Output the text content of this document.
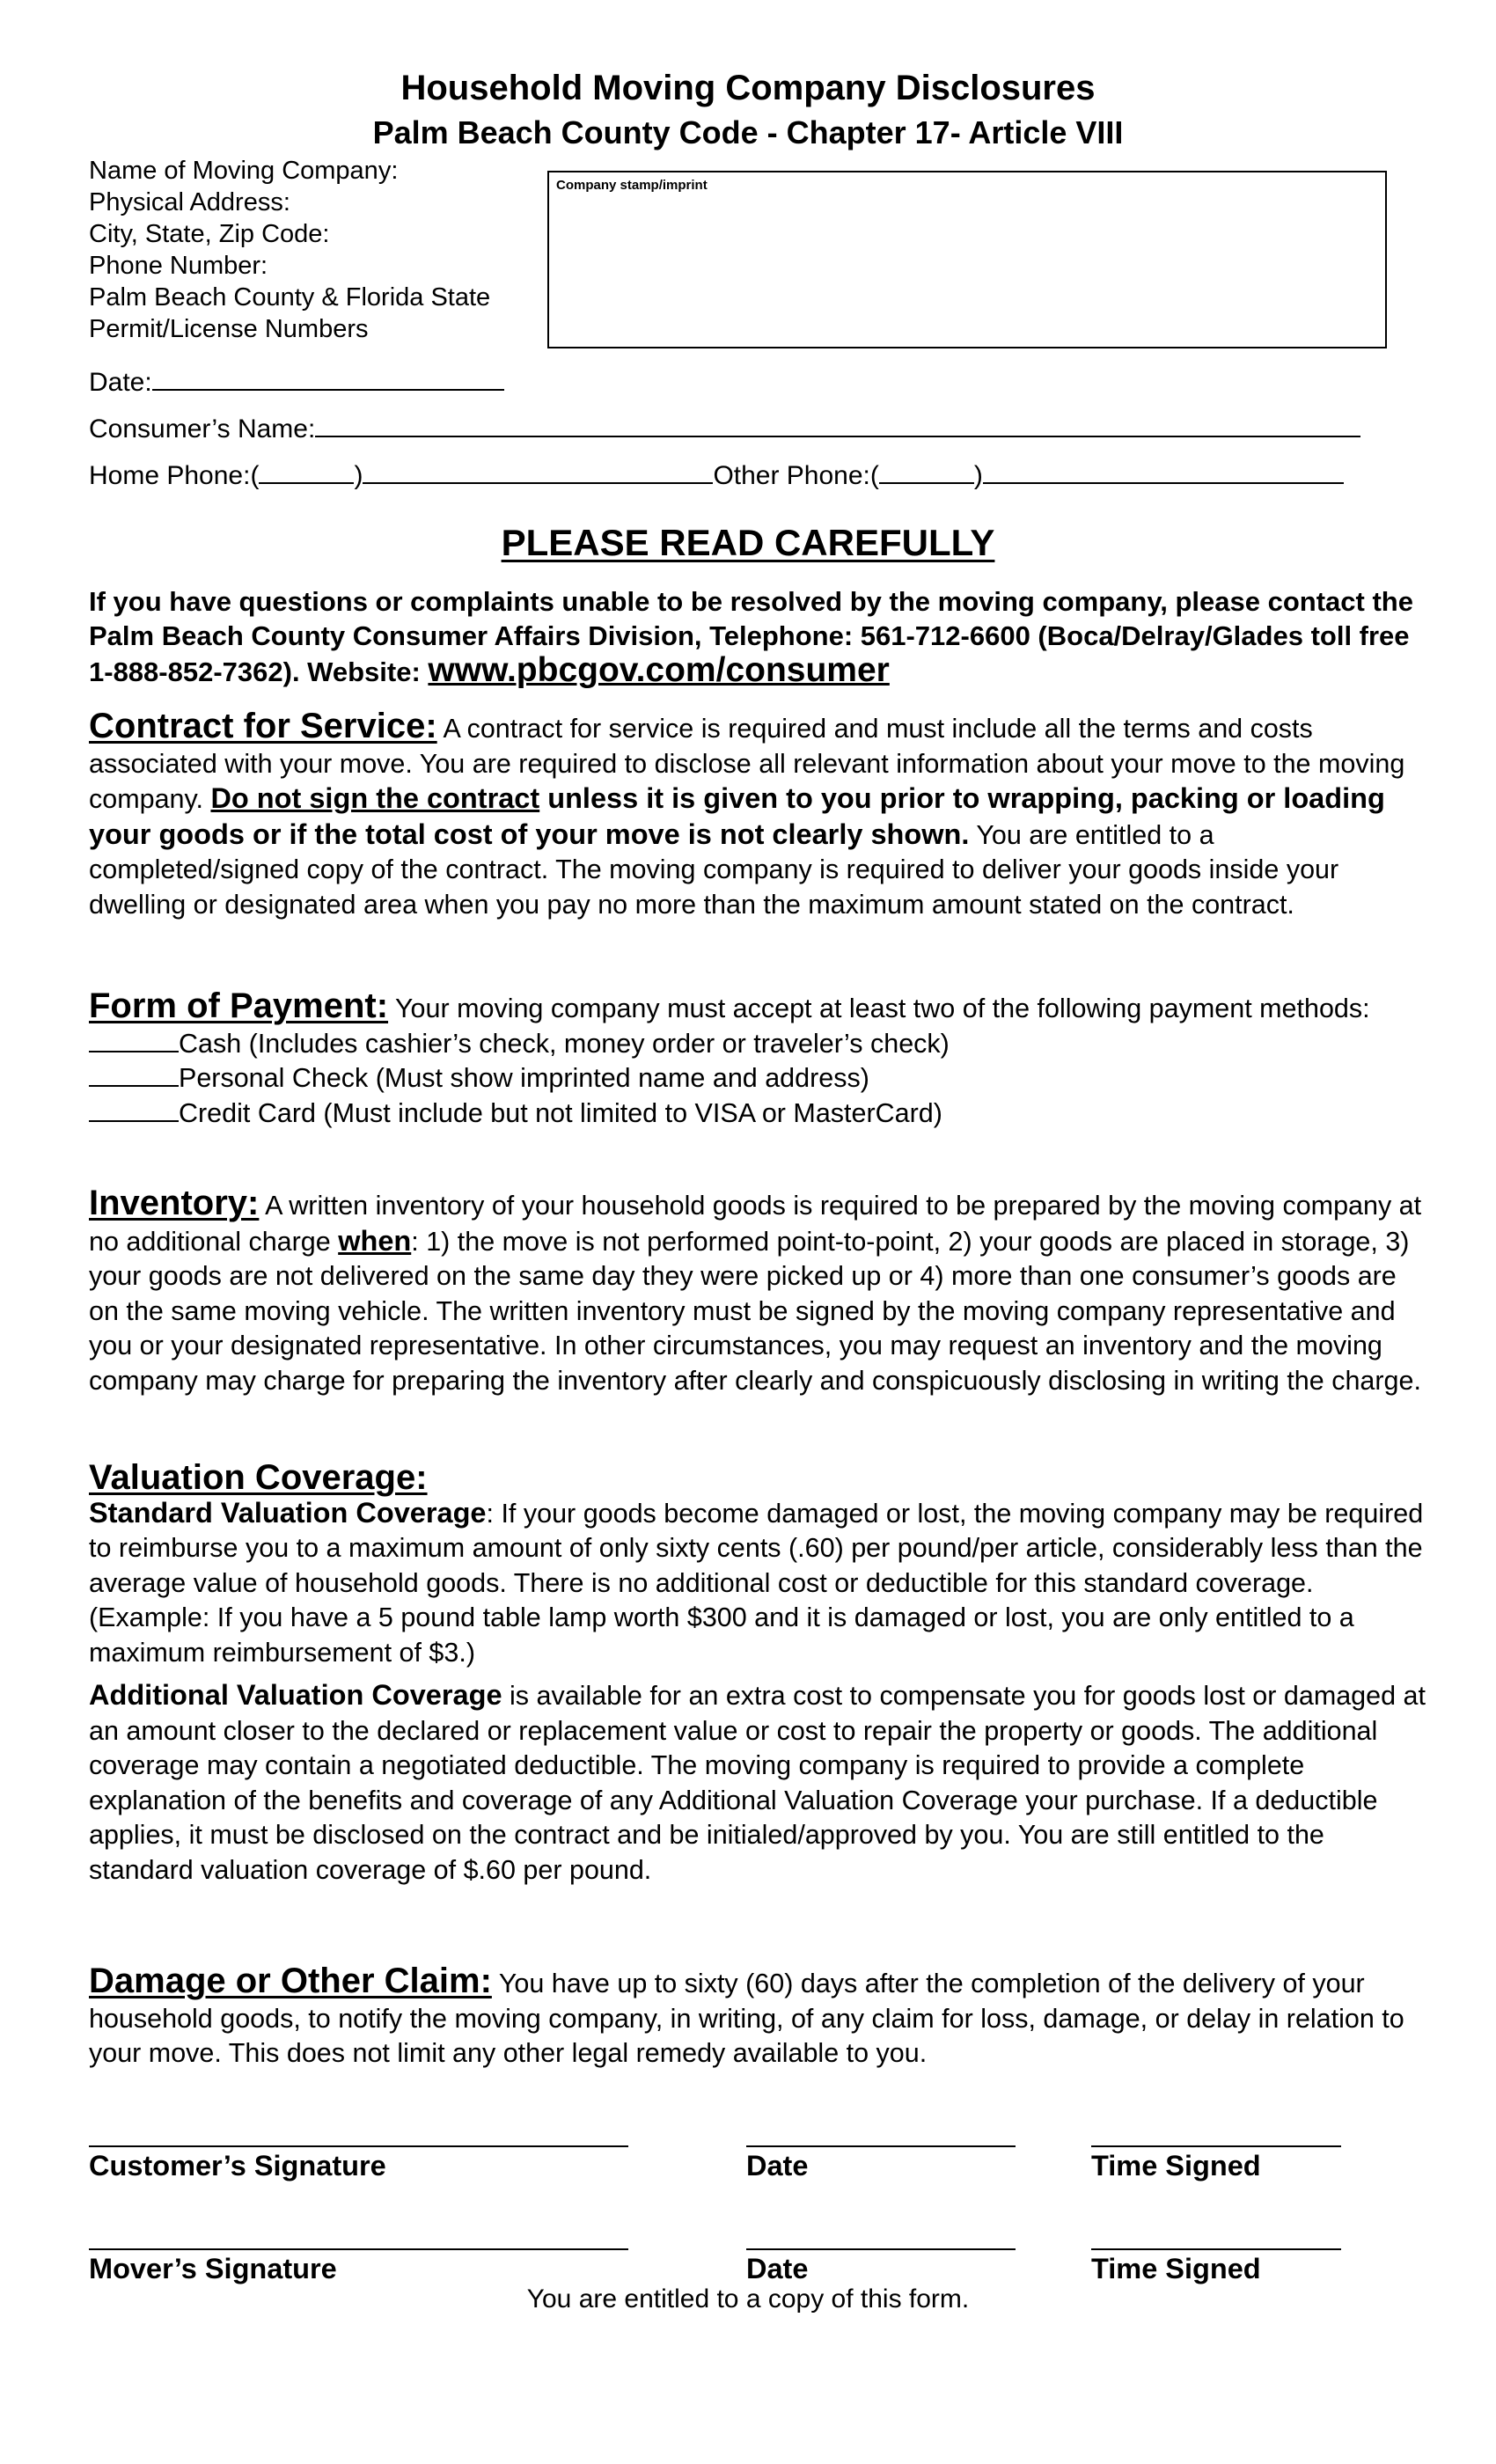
Household Moving Company Disclosures
Palm Beach County Code - Chapter 17- Article VIII
Name of Moving Company:
Physical Address:
City, State, Zip Code:
Phone Number:
Palm Beach County & Florida State
Permit/License Numbers
Company stamp/imprint
Date:
Consumer’s Name:
Home Phone:(	)	Other Phone:(	)
PLEASE READ CAREFULLY
If you have questions or complaints unable to be resolved by the moving company, please contact the Palm Beach County Consumer Affairs Division, Telephone: 561-712-6600 (Boca/Delray/Glades toll free 1-888-852-7362). Website: www.pbcgov.com/consumer
Contract for Service: A contract for service is required and must include all the terms and costs associated with your move. You are required to disclose all relevant information about your move to the moving company. Do not sign the contract unless it is given to you prior to wrapping, packing or loading your goods or if the total cost of your move is not clearly shown. You are entitled to a completed/signed copy of the contract. The moving company is required to deliver your goods inside your dwelling or designated area when you pay no more than the maximum amount stated on the contract.
Form of Payment: Your moving company must accept at least two of the following payment methods:
Cash (Includes cashier’s check, money order or traveler’s check)
Personal Check (Must show imprinted name and address)
Credit Card (Must include but not limited to VISA or MasterCard)
Inventory: A written inventory of your household goods is required to be prepared by the moving company at no additional charge when: 1) the move is not performed point-to-point, 2) your goods are placed in storage, 3) your goods are not delivered on the same day they were picked up or 4) more than one consumer’s goods are on the same moving vehicle. The written inventory must be signed by the moving company representative and you or your designated representative. In other circumstances, you may request an inventory and the moving company may charge for preparing the inventory after clearly and conspicuously disclosing in writing the charge.
Valuation Coverage:
Standard Valuation Coverage: If your goods become damaged or lost, the moving company may be required to reimburse you to a maximum amount of only sixty cents (.60) per pound/per article, considerably less than the average value of household goods. There is no additional cost or deductible for this standard coverage. (Example: If you have a 5 pound table lamp worth $300 and it is damaged or lost, you are only entitled to a maximum reimbursement of $3.)
Additional Valuation Coverage is available for an extra cost to compensate you for goods lost or damaged at an amount closer to the declared or replacement value or cost to repair the property or goods. The additional coverage may contain a negotiated deductible. The moving company is required to provide a complete explanation of the benefits and coverage of any Additional Valuation Coverage your purchase. If a deductible applies, it must be disclosed on the contract and be initialed/approved by you. You are still entitled to the standard valuation coverage of $.60 per pound.
Damage or Other Claim: You have up to sixty (60) days after the completion of the delivery of your household goods, to notify the moving company, in writing, of any claim for loss, damage, or delay in relation to your move. This does not limit any other legal remedy available to you.
Customer’s Signature	Date	Time Signed
Mover’s Signature	Date	Time Signed
You are entitled to a copy of this form.
